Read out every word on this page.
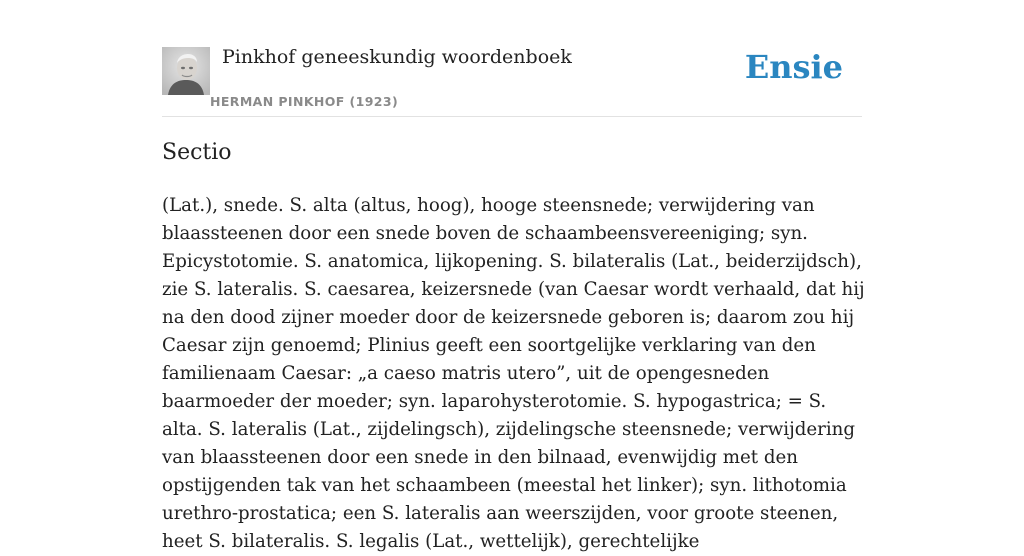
Pinkhof geneeskundig woordenboek
HERMAN PINKHOF (1923)
Ensie
Sectio

(Lat.), snede. S. alta (altus, hoog), hooge steensnede; verwijdering van blaassteenen door een snede boven de schaambeensvereeniging; syn. Epicystotomie. S. anatomica, lijkopening. S. bilateralis (Lat., beiderzijdsch), zie S. lateralis. S. caesarea, keizersnede (van Caesar wordt verhaald, dat hij na den dood zijner moeder door de keizersnede geboren is; daarom zou hij Caesar zijn genoemd; Plinius geeft een soortgelijke verklaring van den familienaam Caesar: „a caeso matris utero”, uit de opengesneden baarmoeder der moeder; syn. laparohysterotomie. S. hypogastrica; = S. alta. S. lateralis (Lat., zijdelingsch), zijdelingsche steensnede; verwijdering van blaassteenen door een snede in den bilnaad, evenwijdig met den opstijgenden tak van het schaambeen (meestal het linker); syn. lithotomia urethro-prostatica; een S. lateralis aan weerszijden, voor groote steenen, heet S. bilateralis. S. legalis (Lat., wettelijk), gerechtelijke
